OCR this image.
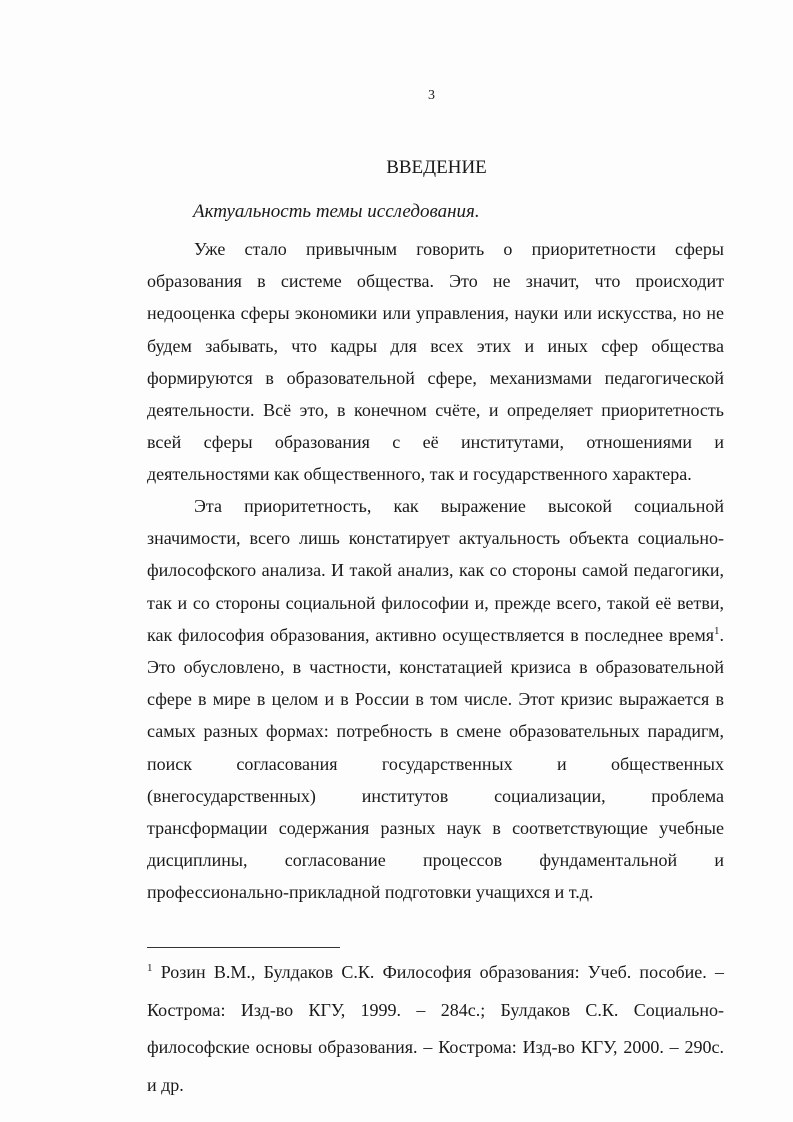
3
ВВЕДЕНИЕ
Актуальность темы исследования.

Уже стало привычным говорить о приоритетности сферы образования в системе общества. Это не значит, что происходит недооценка сферы экономики или управления, науки или искусства, но не будем забывать, что кадры для всех этих и иных сфер общества формируются в образовательной сфере, механизмами педагогической деятельности. Всё это, в конечном счёте, и определяет приоритетность всей сферы образования с её институтами, отношениями и деятельностями как общественного, так и государственного характера.

Эта приоритетность, как выражение высокой социальной значимости, всего лишь констатирует актуальность объекта социально-философского анализа. И такой анализ, как со стороны самой педагогики, так и со стороны социальной философии и, прежде всего, такой её ветви, как философия образования, активно осуществляется в последнее время$^1$. Это обусловлено, в частности, констатацией кризиса в образовательной сфере в мире в целом и в России в том числе. Этот кризис выражается в самых разных формах: потребность в смене образовательных парадигм, поиск согласования государственных и общественных (внегосударственных) институтов социализации, проблема трансформации содержания разных наук в соответствующие учебные дисциплины, согласование процессов фундаментальной и профессионально-прикладной подготовки учащихся и т.д.

$^1$ Розин В.М., Булдаков С.К. Философия образования: Учеб. пособие. – Кострома: Изд-во КГУ, 1999. – 284с.; Булдаков С.К. Социально-философские основы образования. – Кострома: Изд-во КГУ, 2000. – 290с. и др.
